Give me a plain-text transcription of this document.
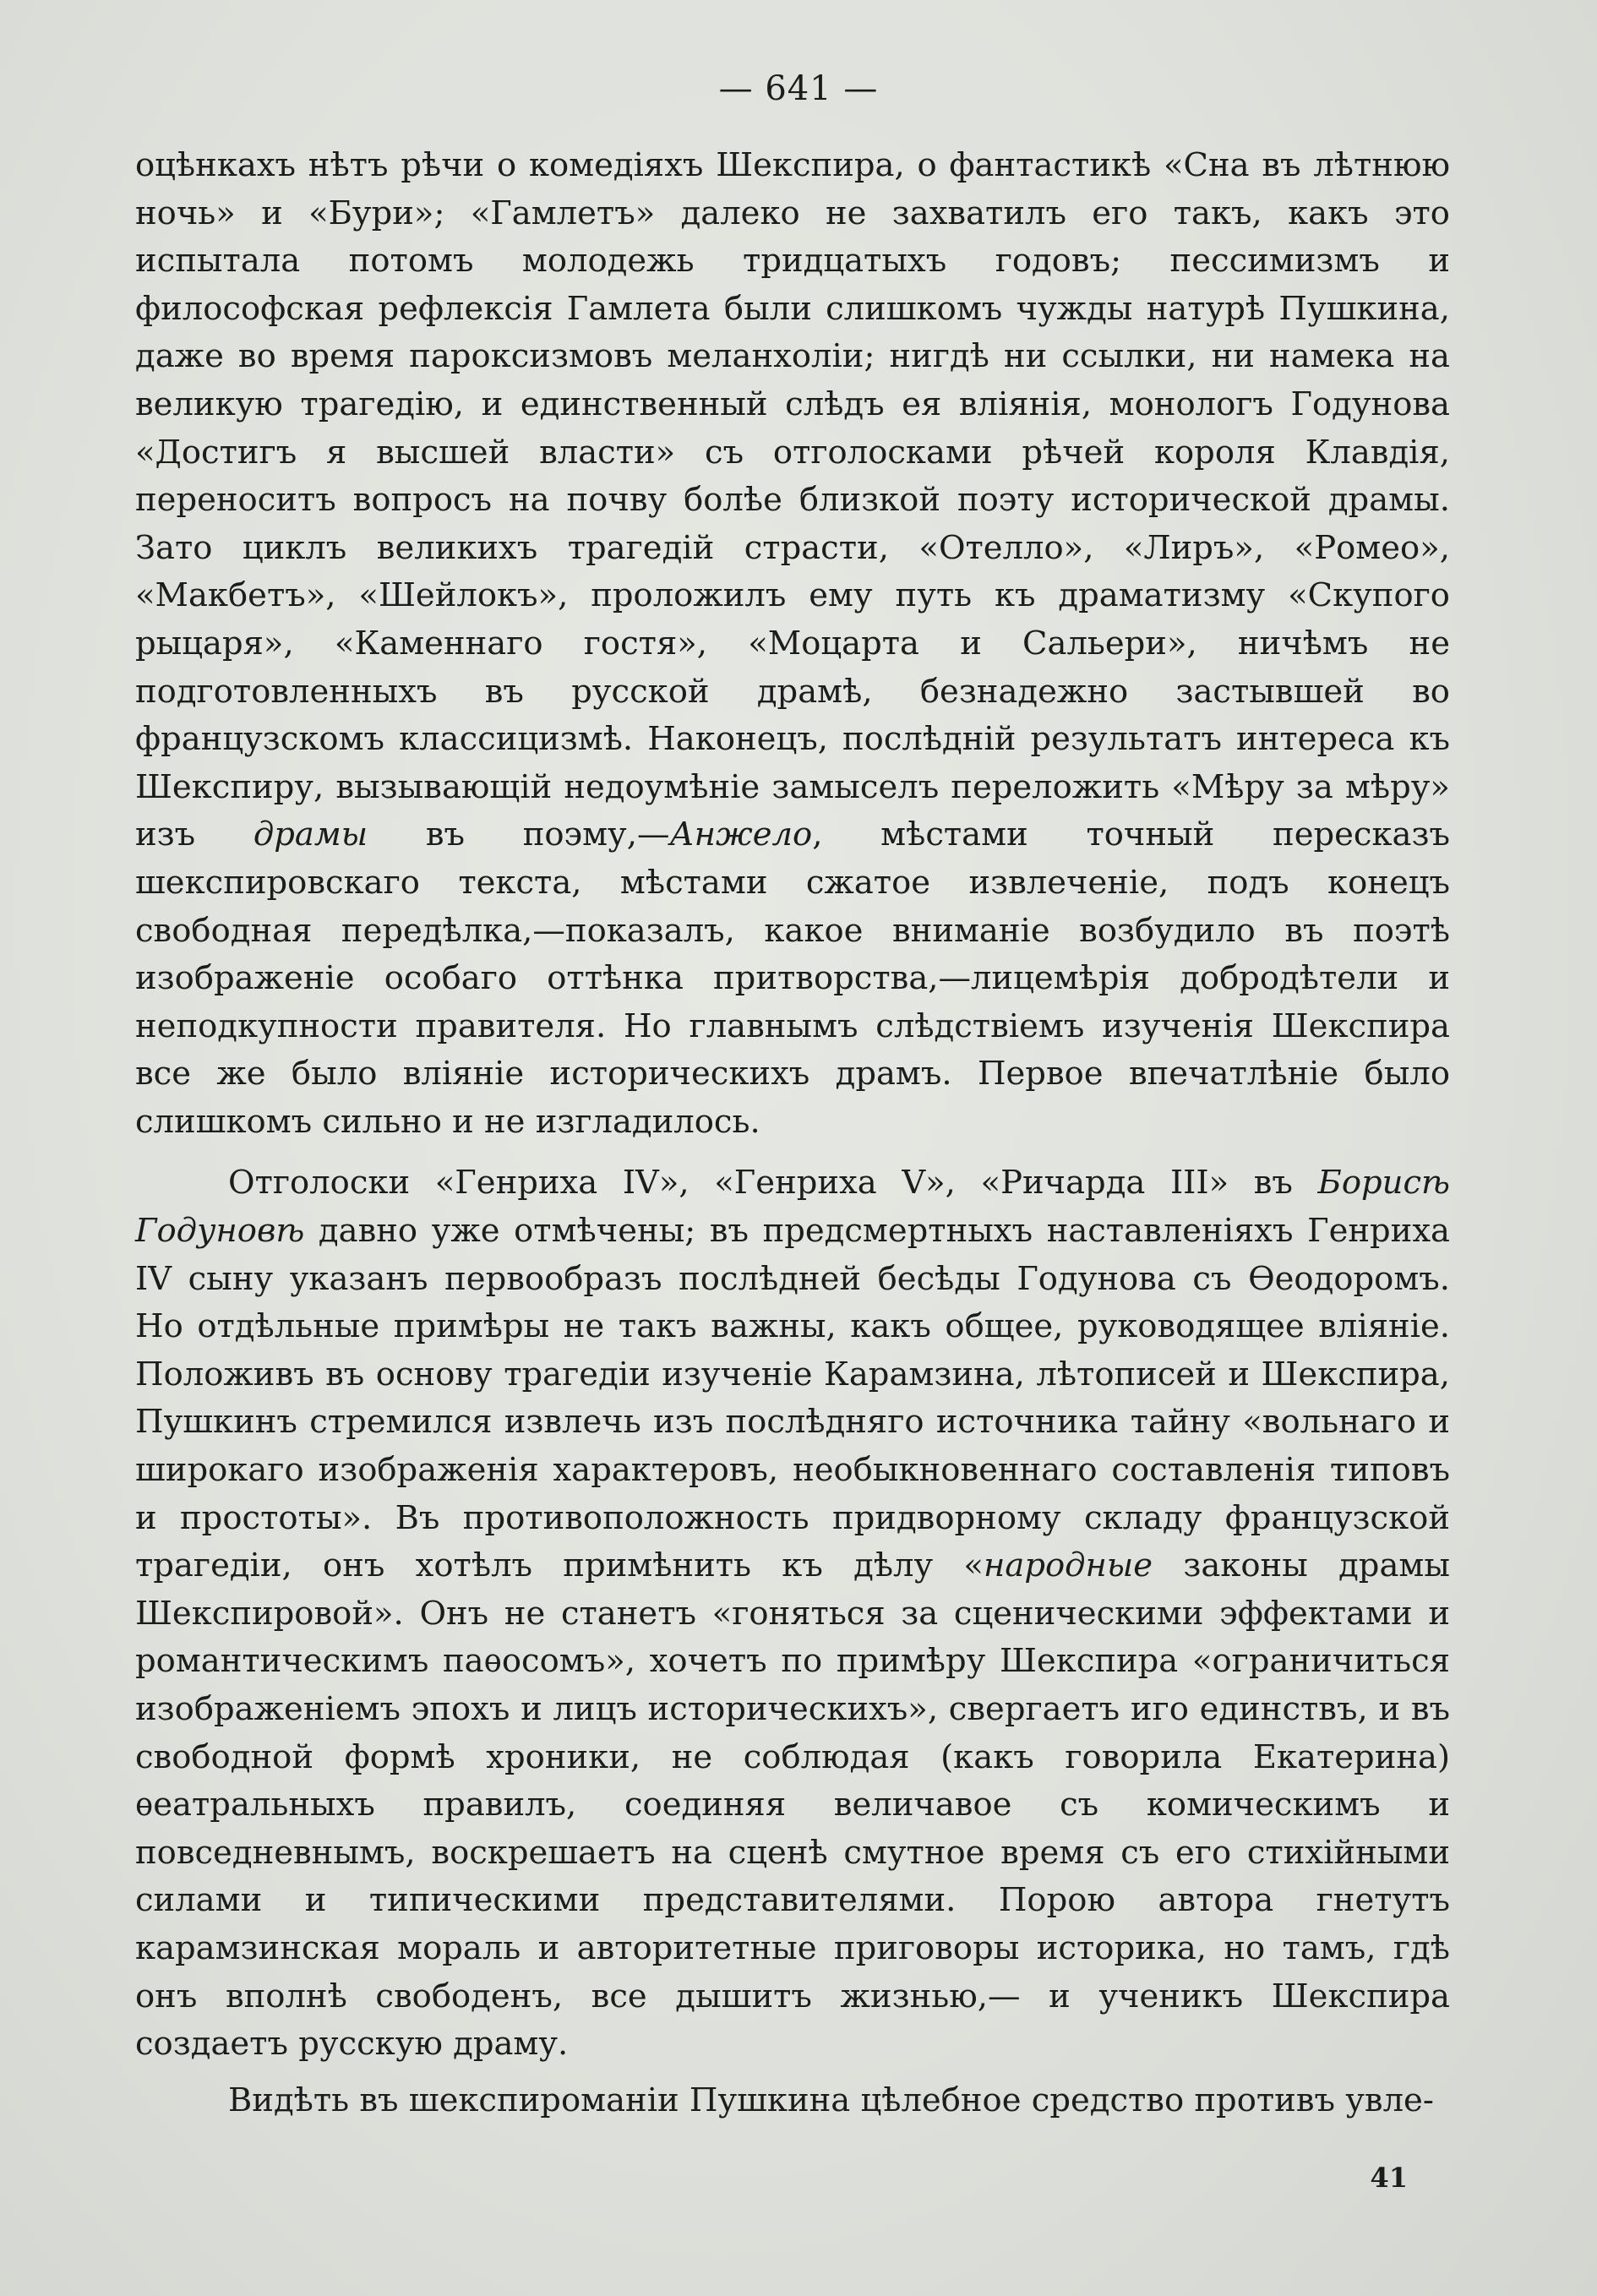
— 641 —

оцѣнкахъ нѣтъ рѣчи о комедіяхъ Шекспира, о фантастикѣ «Сна въ лѣтнюю ночь» и «Бури»; «Гамлетъ» далеко не захватилъ его такъ, какъ это испытала потомъ молодежь тридцатыхъ годовъ; пессимизмъ и философская рефлексія Гамлета были слишкомъ чужды натурѣ Пушкина, даже во время пароксизмовъ меланхоліи; нигдѣ ни ссылки, ни намека на великую трагедію, и единственный слѣдъ ея вліянія, монологъ Годунова «Достигъ я высшей власти» съ отголосками рѣчей короля Клавдія, переноситъ вопросъ на почву болѣе близкой поэту исторической драмы. Зато циклъ великихъ трагедій страсти, «Отелло», «Лиръ», «Ромео», «Макбетъ», «Шейлокъ», проложилъ ему путь къ драматизму «Скупого рыцаря», «Каменнаго гостя», «Моцарта и Сальери», ничѣмъ не подготовленныхъ въ русской драмѣ, безнадежно застывшей во французскомъ классицизмѣ. Наконецъ, послѣдній результатъ интереса къ Шекспиру, вызывающій недоумѣніе замыселъ переложить «Мѣру за мѣру» изъ драмы въ поэму,—Анжело, мѣстами точный пересказъ шекспировскаго текста, мѣстами сжатое извлеченіе, подъ конецъ свободная передѣлка,—показалъ, какое вниманіе возбудило въ поэтѣ изображеніе особаго оттѣнка притворства,—лицемѣрія добродѣтели и неподкупности правителя. Но главнымъ слѣдствіемъ изученія Шекспира все же было вліяніе историческихъ драмъ. Первое впечатлѣніе было слишкомъ сильно и не изгладилось.

Отголоски «Генриха IV», «Генриха V», «Ричарда III» въ Борисѣ Годуновѣ давно уже отмѣчены; въ предсмертныхъ наставленіяхъ Генриха IV сыну указанъ первообразъ послѣдней бесѣды Годунова съ Ѳеодоромъ. Но отдѣльные примѣры не такъ важны, какъ общее, руководящее вліяніе. Положивъ въ основу трагедіи изученіе Карамзина, лѣтописей и Шекспира, Пушкинъ стремился извлечь изъ послѣдняго источника тайну «вольнаго и широкаго изображенія характеровъ, необыкновеннаго составленія типовъ и простоты». Въ противоположность придворному складу французской трагедіи, онъ хотѣлъ примѣнить къ дѣлу «народные законы драмы Шекспировой». Онъ не станетъ «гоняться за сценическими эффектами и романтическимъ паѳосомъ», хочетъ по примѣру Шекспира «ограничиться изображеніемъ эпохъ и лицъ историческихъ», свергаетъ иго единствъ, и въ свободной формѣ хроники, не соблюдая (какъ говорила Екатерина) ѳеатральныхъ правилъ, соединяя величавое съ комическимъ и повседневнымъ, воскрешаетъ на сценѣ смутное время съ его стихійными силами и типическими представителями. Порою автора гнетутъ карамзинская мораль и авторитетные приговоры историка, но тамъ, гдѣ онъ вполнѣ свободенъ, все дышитъ жизнью,— и ученикъ Шекспира создаетъ русскую драму.

Видѣть въ шекспироманіи Пушкина цѣлебное средство противъ увле-

41
